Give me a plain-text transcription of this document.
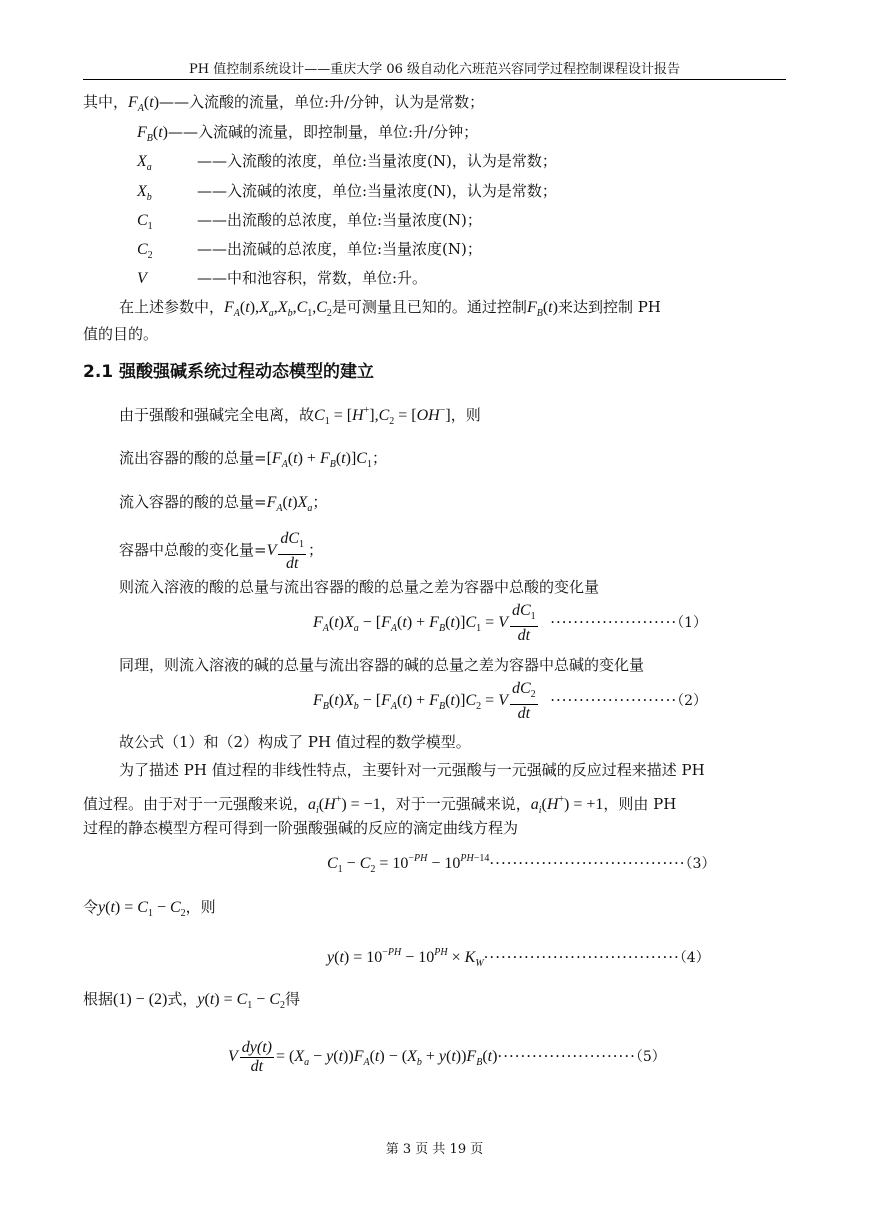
PH 值控制系统设计——重庆大学 06 级自动化六班范兴容同学过程控制课程设计报告
其中，$F_A(t)——$入流酸的流量，单位:升/分钟，认为是常数；
$F_B(t)——$入流碱的流量，即控制量，单位:升/分钟；
$X_a$	——入流酸的浓度，单位:当量浓度(N)，认为是常数；
$X_b$	——入流碱的浓度，单位:当量浓度(N)，认为是常数；
$C_1$	——出流酸的总浓度，单位:当量浓度(N)；
$C_2$	——出流碱的总浓度，单位:当量浓度(N)；
V	——中和池容积，常数，单位:升。
在上述参数中，$F_A(t),X_a,X_b,C_1,C_2$是可测量且已知的。通过控制$F_B(t)$来达到控制 PH
值的目的。
2.1 强酸强碱系统过程动态模型的建立
由于强酸和强碱完全电离，故$C_1 = [H^+],C_2 = [OH^-]$，则
流出容器的酸的总量$=[F_A(t) + F_B(t)]C_1$；
流入容器的酸的总量$=F_A(t)X_a$；
容器中总酸的变化量$=V \frac{dC_1}{dt}$ ；
则流入溶液的酸的总量与流出容器的酸的总量之差为容器中总酸的变化量
$F_A(t)X_a - [F_A(t) + F_B(t)]C_1 = V \frac{dC_1}{dt} \cdot\cdot\cdot\cdot\cdot\cdot\cdot\cdot\cdot\cdot\cdot\cdot\cdot\cdot\cdot\cdot\cdot\cdot\cdot\cdot\cdot\cdot(1)$
同理，则流入溶液的碱的总量与流出容器的碱的总量之差为容器中总碱的变化量
$F_B(t)X_b - [F_A(t) + F_B(t)]C_2 = V \frac{dC_2}{dt} \cdot\cdot\cdot\cdot\cdot\cdot\cdot\cdot\cdot\cdot\cdot\cdot\cdot\cdot\cdot\cdot\cdot\cdot\cdot\cdot\cdot\cdot(2)$
故公式（1）和（2）构成了 PH 值过程的数学模型。
为了描述 PH 值过程的非线性特点，主要针对一元强酸与一元强碱的反应过程来描述 PH
值过程。由于对于一元强酸来说，$a_i(H^+) = -1$，对于一元强碱来说，$a_i(H^+) = +1$，则由 PH
过程的静态模型方程可得到一阶强酸强碱的反应的滴定曲线方程为
$C_1 - C_2 = 10^{-PH} - 10^{PH-14}\cdot\cdot\cdot\cdot\cdot\cdot\cdot\cdot\cdot\cdot\cdot\cdot\cdot\cdot\cdot\cdot\cdot\cdot\cdot\cdot\cdot\cdot\cdot\cdot\cdot\cdot\cdot\cdot\cdot\cdot\cdot\cdot\cdot\cdot(3)$
令$y(t) = C_1 - C_2$，则
$y(t) = 10^{-PH} - 10^{PH} \times K_W\cdot\cdot\cdot\cdot\cdot\cdot\cdot\cdot\cdot\cdot\cdot\cdot\cdot\cdot\cdot\cdot\cdot\cdot\cdot\cdot\cdot\cdot\cdot\cdot\cdot\cdot\cdot\cdot\cdot\cdot\cdot\cdot\cdot\cdot(4)$
根据(1) − (2)式，$y(t) = C_1 - C_2$得
V $\frac{dy(t)}{dt} = (X_a - y(t))F_A(t) - (X_b + y(t))F_B(t)\cdot\cdot\cdot\cdot\cdot\cdot\cdot\cdot\cdot\cdot\cdot\cdot\cdot\cdot\cdot\cdot\cdot\cdot\cdot\cdot\cdot\cdot\cdot\cdot(5)$
第 3 页 共 19 页
